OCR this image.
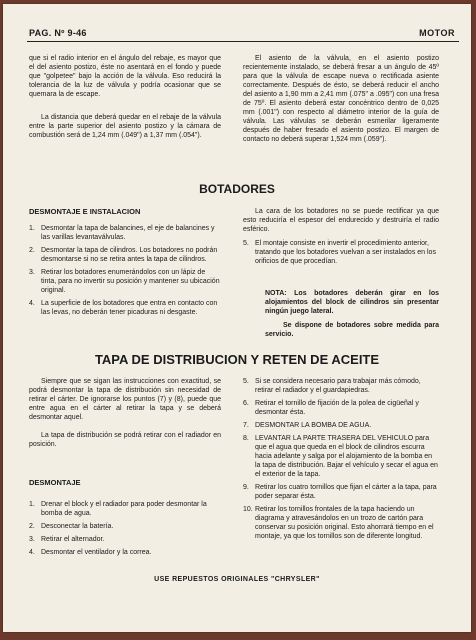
PAG. Nº 9-46	MOTOR

que si el radio interior en el ángulo del rebaje, es mayor que el del asiento postizo, éste no asentará en el fondo y puede que "golpetee" bajo la acción de la válvula. Eso reducirá la tolerancia de la luz de válvula y podría ocasionar que se quemara la de escape.

La distancia que deberá quedar en el rebaje de la válvula entre la parte superior del asiento postizo y la cámara de combustión será de 1,24 mm (.049") a 1,37 mm (.054").

El asiento de la válvula, en el asiento postizo recientemente instalado, se deberá fresar a un ángulo de 45º para que la válvula de escape nueva o rectificada asiente correctamente. Después de ésto, se deberá reducir el ancho del asiento a 1,90 mm a 2,41 mm (.075" a .095") con una fresa de 75º. El asiento deberá estar concéntrico dentro de 0,025 mm (.001") con respecto al diámetro interior de la guía de válvula. Las válvulas se deberán esmerilar ligeramente después de haber fresado el asiento postizo. El margen de contacto no deberá superar 1,524 mm (.059").

BOTADORES
DESMONTAJE E INSTALACION
1. Desmontar la tapa de balancines, el eje de balancines y las varillas levantaválvulas.
2. Desmontar la tapa de cilindros. Los botadores no podrán desmontarse si no se retira antes la tapa de cilindros.
3. Retirar los botadores enumerándolos con un lápiz de tinta, para no invertir su posición y mantener su ubicación original.
4. La superficie de los botadores que entra en contacto con las levas, no deberán tener picaduras ni desgaste.

La cara de los botadores no se puede rectificar ya que esto reduciría el espesor del endurecido y destruiría el radio esférico.

5. El montaje consiste en invertir el procedimiento anterior, tratando que los botadores vuelvan a ser instalados en los orificios de que procedían.
NOTA: Los botadores deberán girar en los alojamientos del block de cilindros sin presentar ningún juego lateral.
Se dispone de botadores sobre medida para servicio.
TAPA DE DISTRIBUCION Y RETEN DE ACEITE

Siempre que se sigan las instrucciones con exactitud, se podrá desmontar la tapa de distribución sin necesidad de retirar el cárter. De ignorarse los puntos (7) y (8), puede que entre agua en el cárter al retirar la tapa y se deberá desmontar aquel.

La tapa de distribución se podrá retirar con el radiador en posición.

DESMONTAJE
1. Drenar el block y el radiador para poder desmontar la bomba de agua.
2. Desconectar la batería.
3. Retirar el alternador.
4. Desmontar el ventilador y la correa.
5. Si se considera necesario para trabajar más cómodo, retirar el radiador y el guardapiedras.
6. Retirar el tornillo de fijación de la polea de cigüeñal y desmontar ésta.
7. DESMONTAR LA BOMBA DE AGUA.
8. LEVANTAR LA PARTE TRASERA DEL VEHICULO para que el agua que queda en el block de cilindros escurra hacia adelante y salga por el alojamiento de la bomba en la tapa de distribución. Bajar el vehículo y secar el agua en el exterior de la tapa.
9. Retirar los cuatro tornillos que fijan el cárter a la tapa, para poder separar ésta.
10. Retirar los tornillos frontales de la tapa haciendo un diagrama y atravesándolos en un trozo de cartón para conservar su posición original. Esto ahorrará tiempo en el montaje, ya que los tornillos son de diferente longitud.
USE REPUESTOS ORIGINALES "CHRYSLER"
